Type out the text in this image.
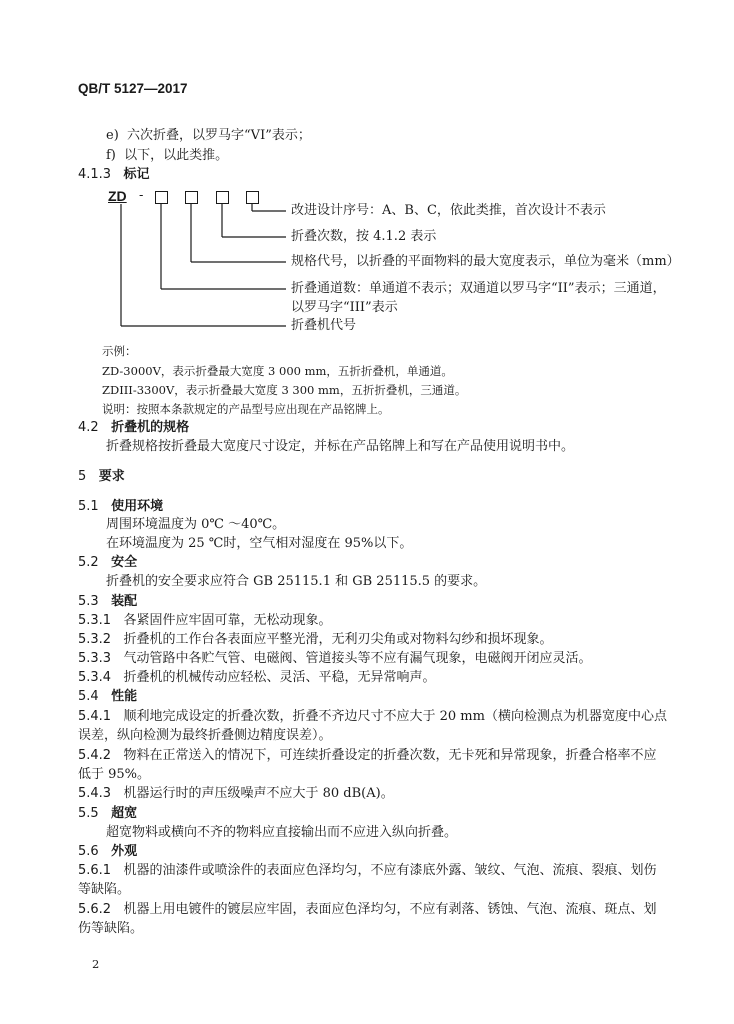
QB/T 5127—2017
e) 六次折叠，以罗马字“VI”表示；
f) 以下，以此类推。
4.1.3 标记
ZD -
改进设计序号：A、B、C，依此类推，首次设计不表示
折叠次数，按 4.1.2 表示
规格代号，以折叠的平面物料的最大宽度表示，单位为毫米（mm）
折叠通道数：单通道不表示；双通道以罗马字“II”表示；三通道，
以罗马字“III”表示
折叠机代号
示例：
ZD-3000V，表示折叠最大宽度 3 000 mm，五折折叠机，单通道。
ZDIII-3300V，表示折叠最大宽度 3 300 mm，五折折叠机，三通道。
说明：按照本条款规定的产品型号应出现在产品铭牌上。
4.2 折叠机的规格
折叠规格按折叠最大宽度尺寸设定，并标在产品铭牌上和写在产品使用说明书中。
5 要求
5.1 使用环境
周围环境温度为 0℃ ～40℃。
在环境温度为 25 ℃时，空气相对湿度在 95%以下。
5.2 安全
折叠机的安全要求应符合 GB 25115.1 和 GB 25115.5 的要求。
5.3 装配
5.3.1 各紧固件应牢固可靠，无松动现象。
5.3.2 折叠机的工作台各表面应平整光滑，无利刃尖角或对物料勾纱和损坏现象。
5.3.3 气动管路中各贮气管、电磁阀、管道接头等不应有漏气现象，电磁阀开闭应灵活。
5.3.4 折叠机的机械传动应轻松、灵活、平稳，无异常响声。
5.4 性能
5.4.1 顺利地完成设定的折叠次数，折叠不齐边尺寸不应大于 20 mm（横向检测点为机器宽度中心点
误差，纵向检测为最终折叠侧边精度误差）。
5.4.2 物料在正常送入的情况下，可连续折叠设定的折叠次数，无卡死和异常现象，折叠合格率不应
低于 95%。
5.4.3 机器运行时的声压级噪声不应大于 80 dB(A)。
5.5 超宽
超宽物料或横向不齐的物料应直接输出而不应进入纵向折叠。
5.6 外观
5.6.1 机器的油漆件或喷涂件的表面应色泽均匀，不应有漆底外露、皱纹、气泡、流痕、裂痕、划伤
等缺陷。
5.6.2 机器上用电镀件的镀层应牢固，表面应色泽均匀，不应有剥落、锈蚀、气泡、流痕、斑点、划
伤等缺陷。
2
